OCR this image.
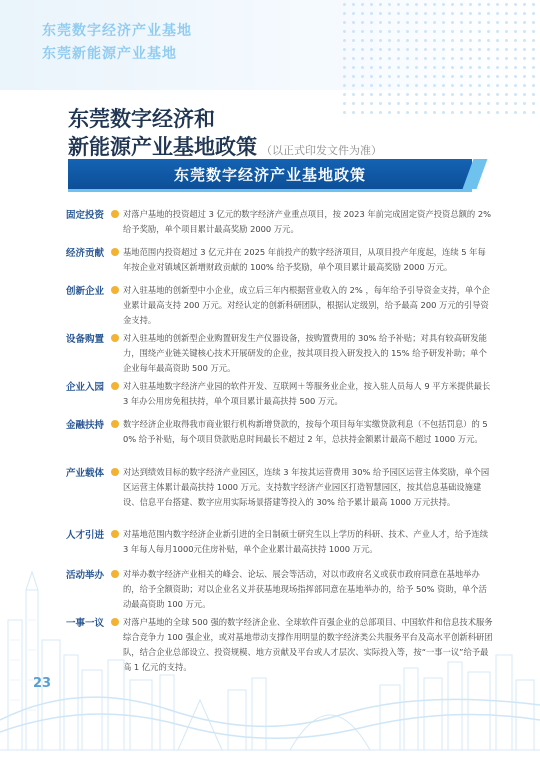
东莞数字经济产业基地
东莞新能源产业基地
东莞数字经济和
新能源产业基地政策 （以正式印发文件为准）
东莞数字经济产业基地政策
固定投资	对落户基地的投资超过 3 亿元的数字经济产业重点项目，按 2023 年前完成固定资产投资总额的 2% 给予奖励，单个项目累计最高奖励 2000 万元。
经济贡献	基地范围内投资超过 3 亿元并在 2025 年前投产的数字经济项目，从项目投产年度起，连续 5 年每年按企业对镇域区新增财政贡献的 100% 给予奖励，单个项目累计最高奖励 2000 万元。
创新企业	对入驻基地的创新型中小企业，成立后三年内根据营业收入的 2% ，每年给予引导资金支持，单个企业累计最高支持 200 万元。对经认定的创新科研团队，根据认定级别，给予最高 200 万元的引导资金支持。
设备购置	对入驻基地的创新型企业购置研发生产仪器设备，按购置费用的 30% 给予补贴；对具有较高研发能力，围绕产业链关键核心技术开展研发的企业，按其项目投入研发投入的 15% 给予研发补助；单个企业每年最高资助 500 万元。
企业入园	对入驻基地数字经济产业园的软件开发、互联网＋等服务业企业，按入驻人员每人 9 平方米提供最长 3 年办公用房免租扶持，单个项目累计最高扶持 500 万元。
金融扶持	数字经济企业取得我市商业银行机构新增贷款的，按每个项目每年实缴贷款利息（不包括罚息）的 50% 给予补贴，每个项目贷款贴息时间最长不超过 2 年，总扶持金额累计最高不超过 1000 万元。
产业载体	对达到绩效目标的数字经济产业园区，连续 3 年按其运营费用 30% 给予园区运营主体奖励，单个园区运营主体累计最高扶持 1000 万元。支持数字经济产业园区打造智慧园区，按其信息基础设施建设、信息平台搭建、数字应用实际场景搭建等投入的 30% 给予累计最高 1000 万元扶持。
人才引进	对基地范围内数字经济企业新引进的全日制硕士研究生以上学历的科研、技术、产业人才，给予连续 3 年每人每月1000元住房补贴，单个企业累计最高扶持 1000 万元。
活动举办	对举办数字经济产业相关的峰会、论坛、展会等活动，对以市政府名义或获市政府同意在基地举办的，给予全额资助；对以企业名义并获基地现场指挥部同意在基地举办的，给予 50% 资助，单个活动最高资助 100 万元。
一事一议	对落户基地的全球 500 强的数字经济企业、全球软件百强企业的总部项目、中国软件和信息技术服务综合竞争力 100 强企业，或对基地带动支撑作用明显的数字经济类公共服务平台及高水平创新科研团队，结合企业总部设立、投资规模、地方贡献及平台或人才层次、实际投入等，按“一事一议”给予最高 1 亿元的支持。
23
